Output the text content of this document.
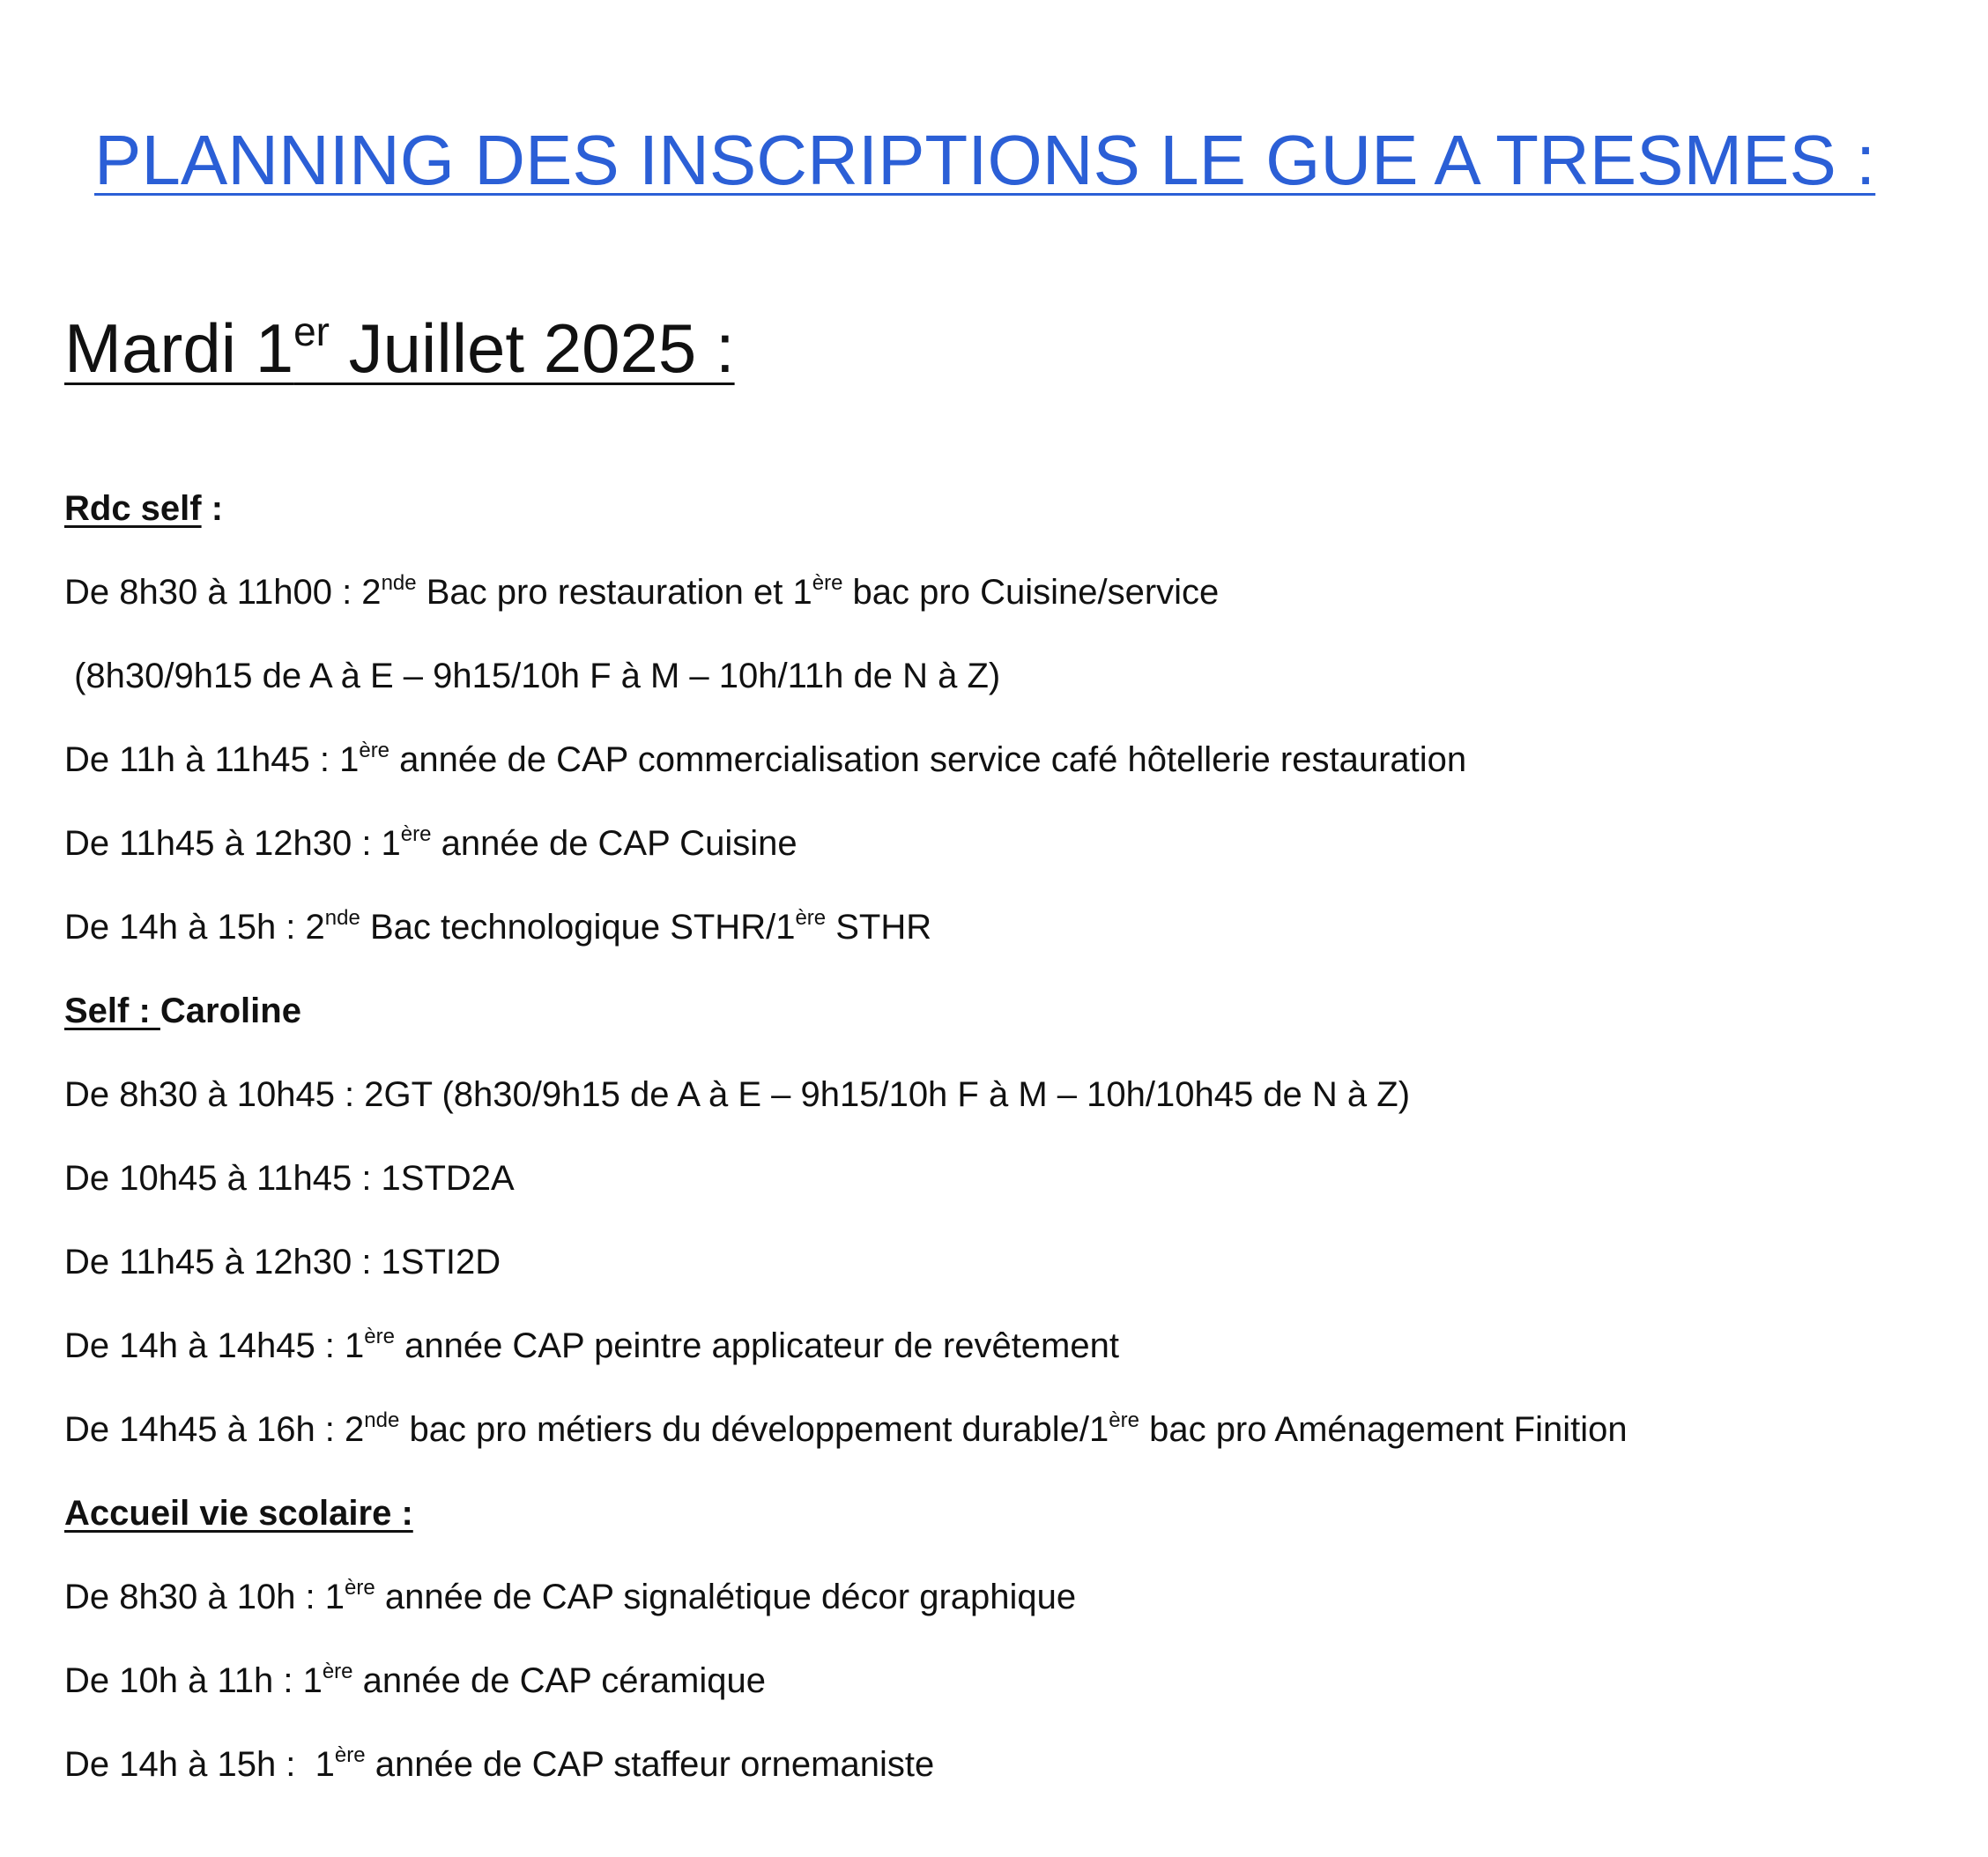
PLANNING DES INSCRIPTIONS LE GUE A TRESMES :
Mardi 1er Juillet 2025 :

Rdc self :

De 8h30 à 11h00 : 2nde Bac pro restauration et 1ère bac pro Cuisine/service

(8h30/9h15 de A à E – 9h15/10h F à M – 10h/11h de N à Z)

De 11h à 11h45 : 1ère année de CAP commercialisation service café hôtellerie restauration

De 11h45 à 12h30 : 1ère année de CAP Cuisine

De 14h à 15h : 2nde Bac technologique STHR/1ère STHR

Self : Caroline

De 8h30 à 10h45 : 2GT (8h30/9h15 de A à E – 9h15/10h F à M – 10h/10h45 de N à Z)

De 10h45 à 11h45 : 1STD2A

De 11h45 à 12h30 : 1STI2D

De 14h à 14h45 : 1ère année CAP peintre applicateur de revêtement

De 14h45 à 16h : 2nde bac pro métiers du développement durable/1ère bac pro Aménagement Finition

Accueil vie scolaire :

De 8h30 à 10h : 1ère année de CAP signalétique décor graphique

De 10h à 11h : 1ère année de CAP céramique

De 14h à 15h :  1ère année de CAP staffeur ornemaniste
